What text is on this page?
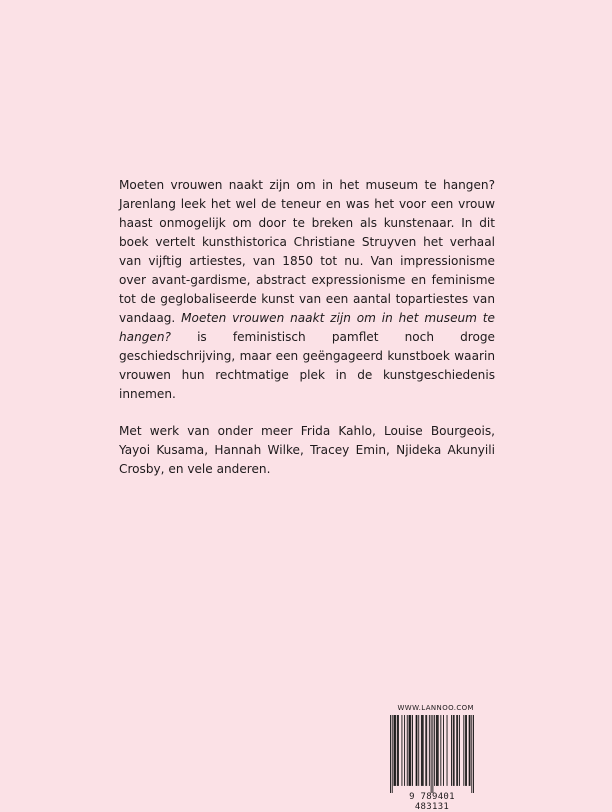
Moeten vrouwen naakt zijn om in het museum te hangen? Jarenlang leek het wel de teneur en was het voor een vrouw haast onmogelijk om door te breken als kunstenaar. In dit boek vertelt kunsthistorica Christiane Struyven het verhaal van vijftig artiestes, van 1850 tot nu. Van impressionisme over avant-gardisme, abstract expressionisme en feminisme tot de geglobaliseerde kunst van een aantal topartiestes van vandaag. Moeten vrouwen naakt zijn om in het museum te hangen? is feministisch pamflet noch droge geschiedschrijving, maar een geëngageerd kunstboek waarin vrouwen hun rechtmatige plek in de kunstgeschiedenis innemen.

Met werk van onder meer Frida Kahlo, Louise Bourgeois, Yayoi Kusama, Hannah Wilke, Tracey Emin, Njideka Akunyili Crosby, en vele anderen.

WWW.LANNOO.COM
9 789401 483131
